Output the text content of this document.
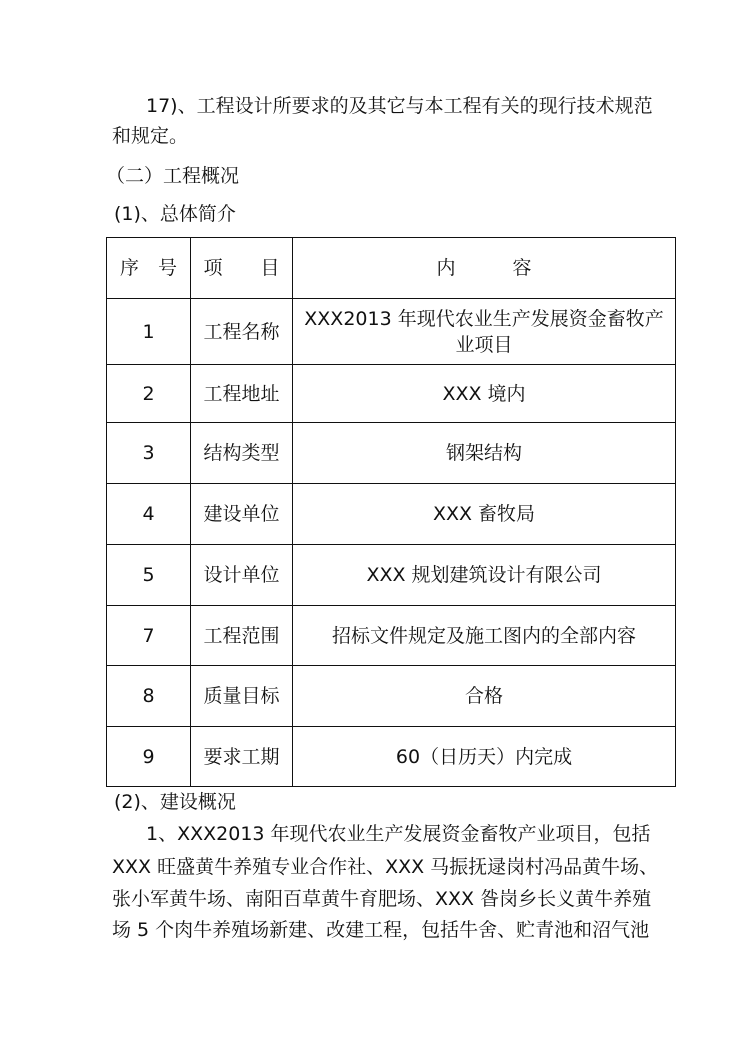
17)、工程设计所要求的及其它与本工程有关的现行技术规范
和规定。
（二）工程概况
(1)、总体简介
序　号	项　　目	内　　　容
1	工程名称	XXX2013 年现代农业生产发展资金畜牧产
业项目

2	工程地址	XXX 境内
3	结构类型	钢架结构
4	建设单位	XXX 畜牧局
5	设计单位	XXX 规划建筑设计有限公司
7	工程范围	招标文件规定及施工图内的全部内容
8	质量目标	合格
9	要求工期	60（日历天）内完成
(2)、建设概况
1、XXX2013 年现代农业生产发展资金畜牧产业项目，包括
XXX 旺盛黄牛养殖专业合作社、XXX 马振抚逯岗村冯品黄牛场、
张小军黄牛场、南阳百草黄牛育肥场、XXX 昝岗乡长义黄牛养殖
场 5 个肉牛养殖场新建、改建工程，包括牛舍、贮青池和沼气池
